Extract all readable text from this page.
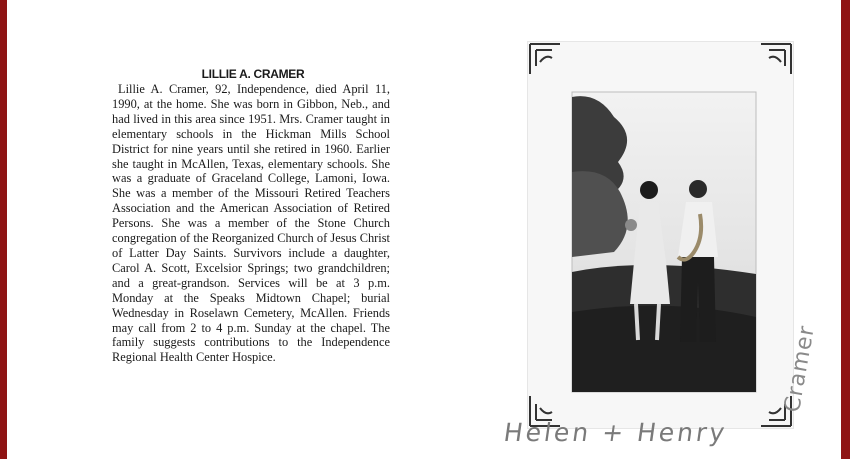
LILLIE A. CRAMER

Lillie A. Cramer, 92, Independence, died April 11, 1990, at the home. She was born in Gibbon, Neb., and had lived in this area since 1951. Mrs. Cramer taught in elementary schools in the Hickman Mills School District for nine years until she retired in 1960. Earlier she taught in McAllen, Texas, elementary schools. She was a graduate of Graceland College, Lamoni, Iowa. She was a member of the Missouri Retired Teachers Association and the American Association of Retired Persons. She was a member of the Stone Church congregation of the Reorganized Church of Jesus Christ of Latter Day Saints. Survivors include a daughter, Carol A. Scott, Excelsior Springs; two grandchildren; and a great-grandson. Services will be at 3 p.m. Monday at the Speaks Midtown Chapel; burial Wednesday in Roselawn Cemetery, McAllen. Friends may call from 2 to 4 p.m. Sunday at the chapel. The family suggests contributions to the Independence Regional Health Center Hospice.

Helen + Henry
Cramer
